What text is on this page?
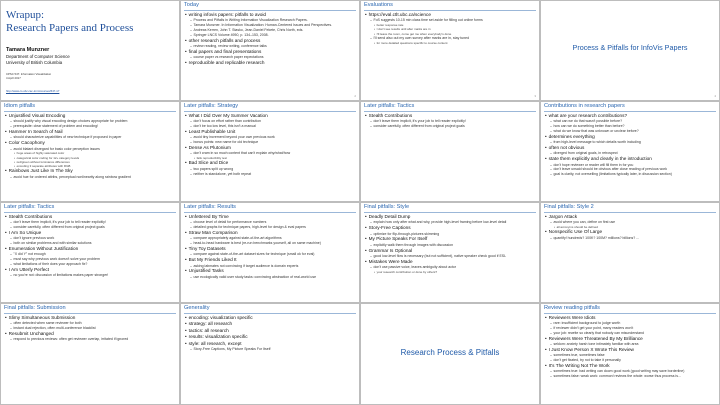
Wrapup:
Research Papers and Process
Tamara Munzner
Department of Computer Science
University of British Columbia
CPSC 547: Information Visualization
4 April 2017
http://www.cs.ubc.ca/~tmm/courses/547-17
Today
• writing infovis papers: pitfalls to avoid
– Process and Pitfalls in Writing Information Visualization Research Papers.
– Tamara Munzner. In Information Visualization: Human-Centered Issues and Perspectives.
– Andreas Kerren, John T. Stasko, Jean-Daniel Fekete, Chris North, eds.
– Springer LNCS Volume 4950, p. 134–153, 2008.
• other research pitfalls and process
– review reading, review writing, conference talks
• final papers and final presentations
– course paper vs research paper expectations
• reproducible and replicable research
2
Evaluations
• https://eval.ctlt.ubc.ca/science
– FoS suggests 10-15 min class time set aside for filling out online forms
• better response rate
• I don't see results until after marks are in
• I'll leave the room, come get me when everybody's done
– I'll send also out my own survey after marks are in, stay tuned
• for more detailed questions specific to course content
3
Process & Pitfalls for InfoVis Papers
4
Idiom pitfalls
• Unjustified Visual Encoding
– should justify why visual encoding design choices appropriate for problem
– prerequisite: clear statement of problem and encoding!
• Hammer In Search of Nail
– should characterize capabilities of new technique if proposed in paper
• Color Cacophony
– avoid blatant disregard for basic color perception issues
• huge areas of highly saturated color
• categorical color coding for 12+ category levels
• red/green without luminance differences
• encoding 3 separate attributes with RGB
• Rainbows Just Like In The Sky
– avoid hue for ordered attribs, perceptual nonlinearity along rainbow gradient
Later pitfalls: Strategy
• What I Did Over My Summer Vacation
– don't focus on effort rather than contribution
– don't be too low level, this isn't a manual
• Least Publishable Unit
– avoid tiny increment beyond your own previous work
– bonus points: new name for old technique
• Dense As Plutonium
– don't cram in so much content that can't explain why/what/how
• fails reproducibility test
• Bad Slice and Dice
– two papers split up wrong
– neither is standalone, yet both repeat
Later pitfalls: Tactics
• Stealth Contributions
– don't leave them implicit, it's your job to tell reader explicitly!
– consider carefully, often different from original project goals
Contributions in research papers
• what are your research contributions?
– what can we do that wasn't possible before?
– how can we do something better than before?
– what do we know that was unknown or unclear before?
• determines everything
– from high-level message to which details worth including
• often not obvious
– diverged from original goals, in retrospect
• state them explicitly and clearly in the introduction
– don't hope reviewer or reader will fill them in for you
– don't leave unsaid should be obvious after close reading of previous work
– goal is clarity, not overselling (limitations typically later, in discussion section)
Later pitfalls: Tactics
• Stealth Contributions
– don't leave them implicit, it's your job to tell reader explicitly!
– consider carefully, often different from original project goals
• I Am So Unique
– don't ignore previous work
– both on similar problems and with similar solutions
• Enumeration Without Justification
– "X did Y" not enough
– must say why previous work doesn't solve your problem
– what limitations of their does your approach fix?
• I Am Utterly Perfect
– no you're not: discussion of limitations makes paper stronger!
Later pitfalls: Results
• Unfettered By Time
– choose level of detail for performance numbers
– detailed graphs for technique papers, high-level for design & eval papers
• Straw Man Comparison
– compare appropriately against state-of-the-art algorithms
– head-to-head hardware is best (re-run benchmarks yourself, all on same machine)
• Tiny Toy Datasets
– compare against state-of-the-art dataset sizes for technique (small ok for eval)
• But My Friends Liked It
– asking labmates not convincing if target audience is domain experts
• Unjustified Tasks
– use ecologically valid user study tasks: convincing abstraction of real-world use
Final pitfalls: Style
• Deadly Detail Dump
– explain how only after what and why, provide high-level framing before low-level detail
• Story-Free Captions
– optimize for flip-through-pictures skimming
• My Picture Speaks For Itself
– explicitly walk them through images with discussion
• Grammar Is Optional
– good low-level flow is necessary (but not sufficient), native speaker check good if ESL
• Mistakes Were Made
– don't use passive voice, leaves ambiguity about actor
• your research contribution or done by others?
Final pitfalls: Style 2
• Jargon Attack
– avoid where you can, define on first use
• all acronyms should be defined
• Nonspecific Use Of Large
– quantify! hundreds? 100K? 100M? millions? billions? ...
Final pitfalls: Submission
• Slimy Simultaneous Submission
– often detected when same reviewer for both
– instant dual rejection, often multi-conference blacklist
• Resubmit Unchanged
– respond to previous reviews: often get reviewer overlap, irritated if ignored
Generality
• encoding: visualization specific
• strategy: all research
• tactics: all research
• results: visualization specific
• style: all research, except
– Story-Free Captions, My Picture Speaks For Itself	Research Process & Pitfalls
Review reading pitfalls
• Reviewers Were Idiots
– rare: insufficient background to judge worth
– if reviewer didn't get your point, many readers won't
– your job: rewrite so clearly that nobody can misunderstand
• Reviewers Were Threatened By My Brilliance
– seldom: anxiety harsh tone intimately familiar with area
• I Just Know Person X Wrote This Review
– sometimes true, sometimes false
– don't get fixated, try not to take it personally
• It's The Writing Not The Work
– sometimes true: bad writing can doom good work (good writing may save borderline)
– sometimes false: weak work: common! reviews the whole: worse thus process is...
